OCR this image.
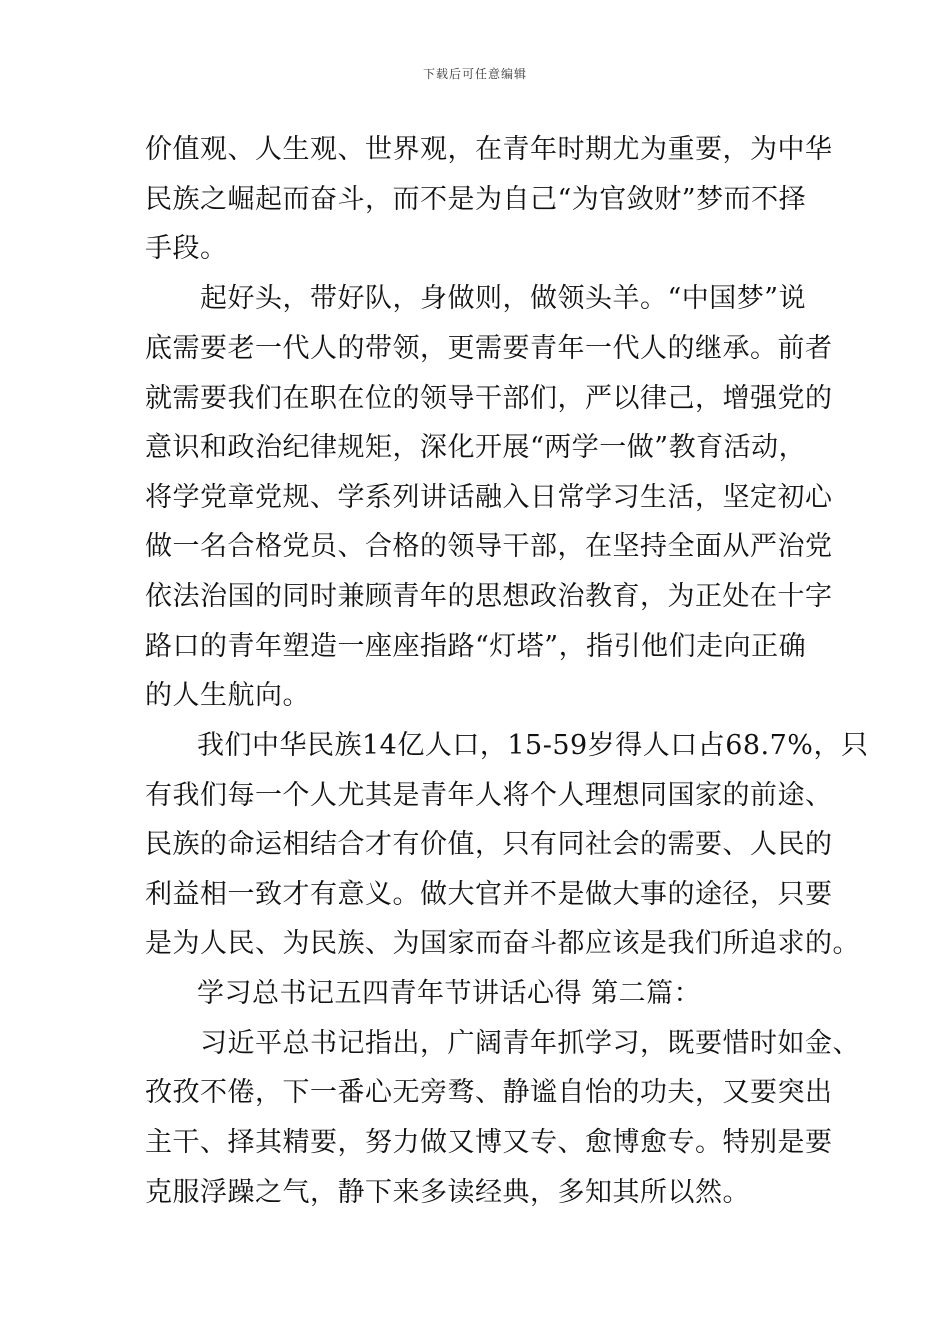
下载后可任意编辑
价值观、人生观、世界观，在青年时期尤为重要，为中华
民族之崛起而奋斗，而不是为自己“为官敛财”梦而不择
手段。
起好头，带好队，身做则，做领头羊。“中国梦”说
底需要老一代人的带领，更需要青年一代人的继承。前者
就需要我们在职在位的领导干部们，严以律己，增强党的
意识和政治纪律规矩，深化开展“两学一做”教育活动，
将学党章党规、学系列讲话融入日常学习生活，坚定初心
做一名合格党员、合格的领导干部，在坚持全面从严治党
依法治国的同时兼顾青年的思想政治教育，为正处在十字
路口的青年塑造一座座指路“灯塔”，指引他们走向正确
的人生航向。
我们中华民族14亿人口，15-59岁得人口占68.7%，只
有我们每一个人尤其是青年人将个人理想同国家的前途、
民族的命运相结合才有价值，只有同社会的需要、人民的
利益相一致才有意义。做大官并不是做大事的途径，只要
是为人民、为民族、为国家而奋斗都应该是我们所追求的。
学习总书记五四青年节讲话心得 第二篇：
习近平总书记指出，广阔青年抓学习，既要惜时如金、
孜孜不倦，下一番心无旁骛、静谧自怡的功夫，又要突出
主干、择其精要，努力做又博又专、愈博愈专。特别是要
克服浮躁之气，静下来多读经典，多知其所以然。
